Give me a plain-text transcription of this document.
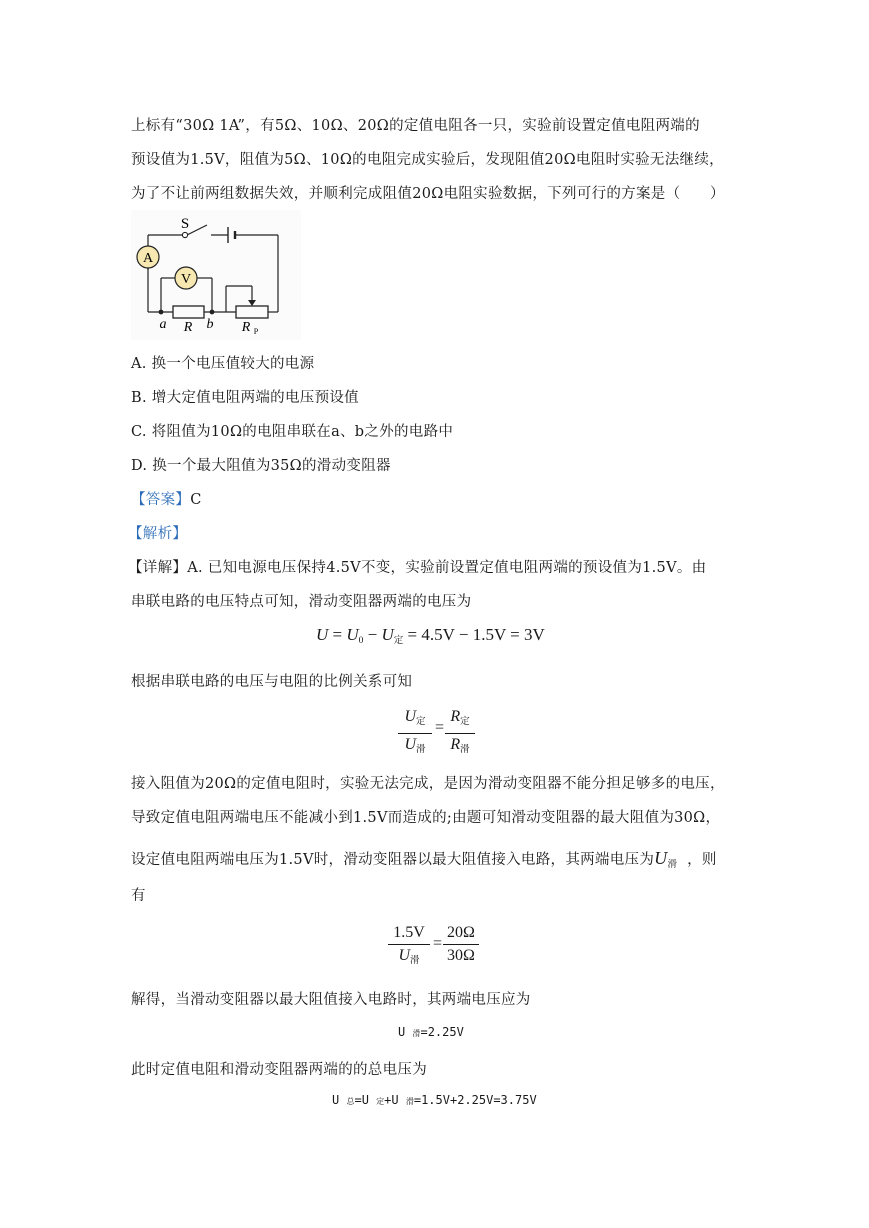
上标有“30Ω 1A”，有5Ω、10Ω、20Ω的定值电阻各一只，实验前设置定值电阻两端的
预设值为1.5V，阻值为5Ω、10Ω的电阻完成实验后，发现阻值20Ω电阻时实验无法继续，
为了不让前两组数据失效，并顺利完成阻值20Ω电阻实验数据，下列可行的方案是（　　）
S
A
V
a R b R P
A. 换一个电压值较大的电源
B. 增大定值电阻两端的电压预设值
C. 将阻值为10Ω的电阻串联在a、b之外的电路中
D. 换一个最大阻值为35Ω的滑动变阻器
【答案】C
【解析】
【详解】A. 已知电源电压保持4.5V不变，实验前设置定值电阻两端的预设值为1.5V。由
串联电路的电压特点可知，滑动变阻器两端的电压为
$U = U_0 - U_定 = 4.5V - 1.5V = 3V$
根据串联电路的电压与电阻的比例关系可知
$U_定$
$U_滑$
=
$R_定$
$R_滑$
接入阻值为20Ω的定值电阻时，实验无法完成，是因为滑动变阻器不能分担足够多的电压，
导致定值电阻两端电压不能减小到1.5V而造成的;由题可知滑动变阻器的最大阻值为30Ω，
设定值电阻两端电压为1.5V时，滑动变阻器以最大阻值接入电路，其两端电压为$U_滑$ ，则
有
1.5V
$U_滑$
=
20Ω
30Ω
解得，当滑动变阻器以最大阻值接入电路时，其两端电压应为
U 滑=2.25V
此时定值电阻和滑动变阻器两端的的总电压为
U 总=U 定+U 滑=1.5V+2.25V=3.75V
